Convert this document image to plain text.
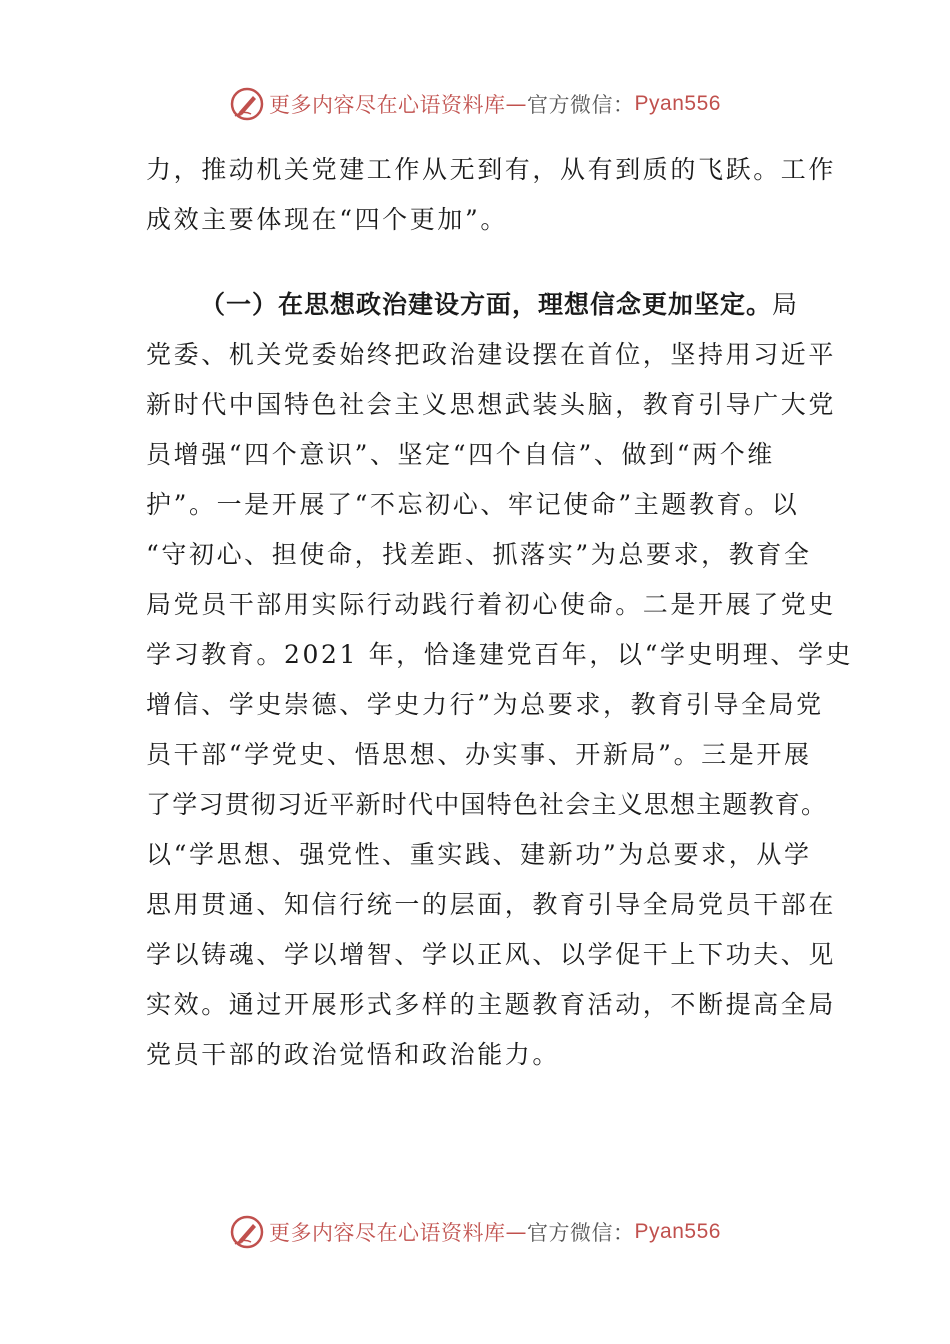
更多内容尽在心语资料库 — 官方微信： Pyan556
力，推动机关党建工作从无到有，从有到质的飞跃。工作
成效主要体现在“四个更加”。
（一）在思想政治建设方面，理想信念更加坚定。局
党委、机关党委始终把政治建设摆在首位，坚持用习近平
新时代中国特色社会主义思想武装头脑，教育引导广大党
员增强“四个意识”、坚定“四个自信”、做到“两个维
护”。一是开展了“不忘初心、牢记使命”主题教育。以
“守初心、担使命，找差距、抓落实”为总要求，教育全
局党员干部用实际行动践行着初心使命。二是开展了党史
学习教育。2021 年，恰逢建党百年，以“学史明理、学史
增信、学史崇德、学史力行”为总要求，教育引导全局党
员干部“学党史、悟思想、办实事、开新局”。三是开展
了学习贯彻习近平新时代中国特色社会主义思想主题教育。
以“学思想、强党性、重实践、建新功”为总要求，从学
思用贯通、知信行统一的层面，教育引导全局党员干部在
学以铸魂、学以增智、学以正风、以学促干上下功夫、见
实效。通过开展形式多样的主题教育活动，不断提高全局
党员干部的政治觉悟和政治能力。
更多内容尽在心语资料库 — 官方微信： Pyan556
